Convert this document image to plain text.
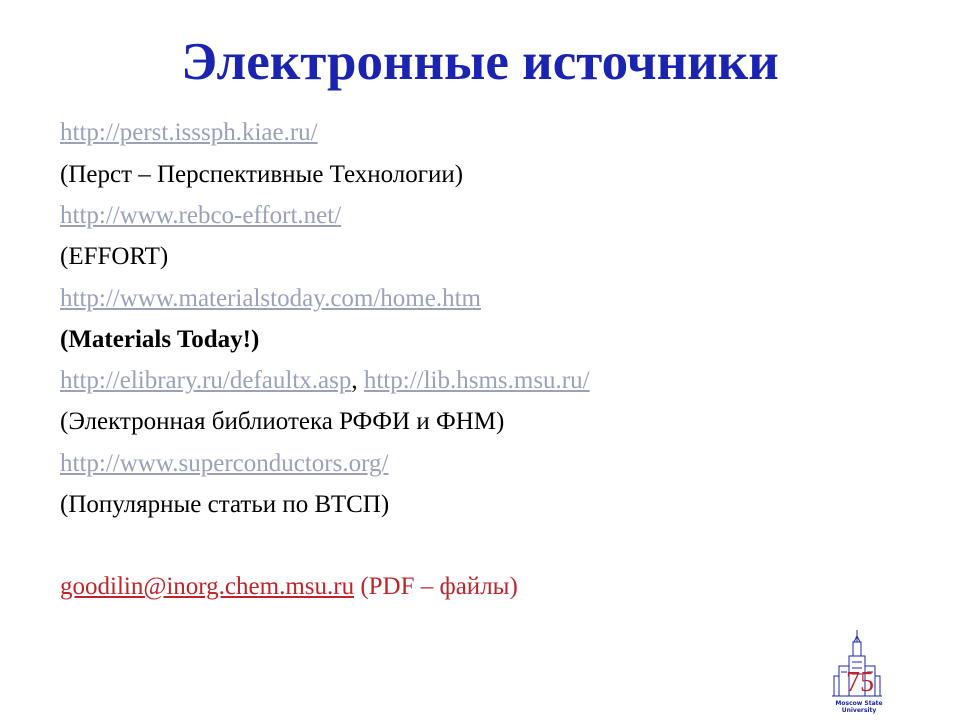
Электронные источники
http://perst.isssph.kiae.ru/
(Перст – Перспективные Технологии)
http://www.rebco-effort.net/
(EFFORT)
http://www.materialstoday.com/home.htm
(Materials Today!)
http://elibrary.ru/defaultx.asp, http://lib.hsms.msu.ru/
(Электронная библиотека РФФИ и ФНМ)
http://www.superconductors.org/
(Популярные статьи по ВТСП)
goodilin@inorg.chem.msu.ru (PDF – файлы)
75
Moscow State
University
